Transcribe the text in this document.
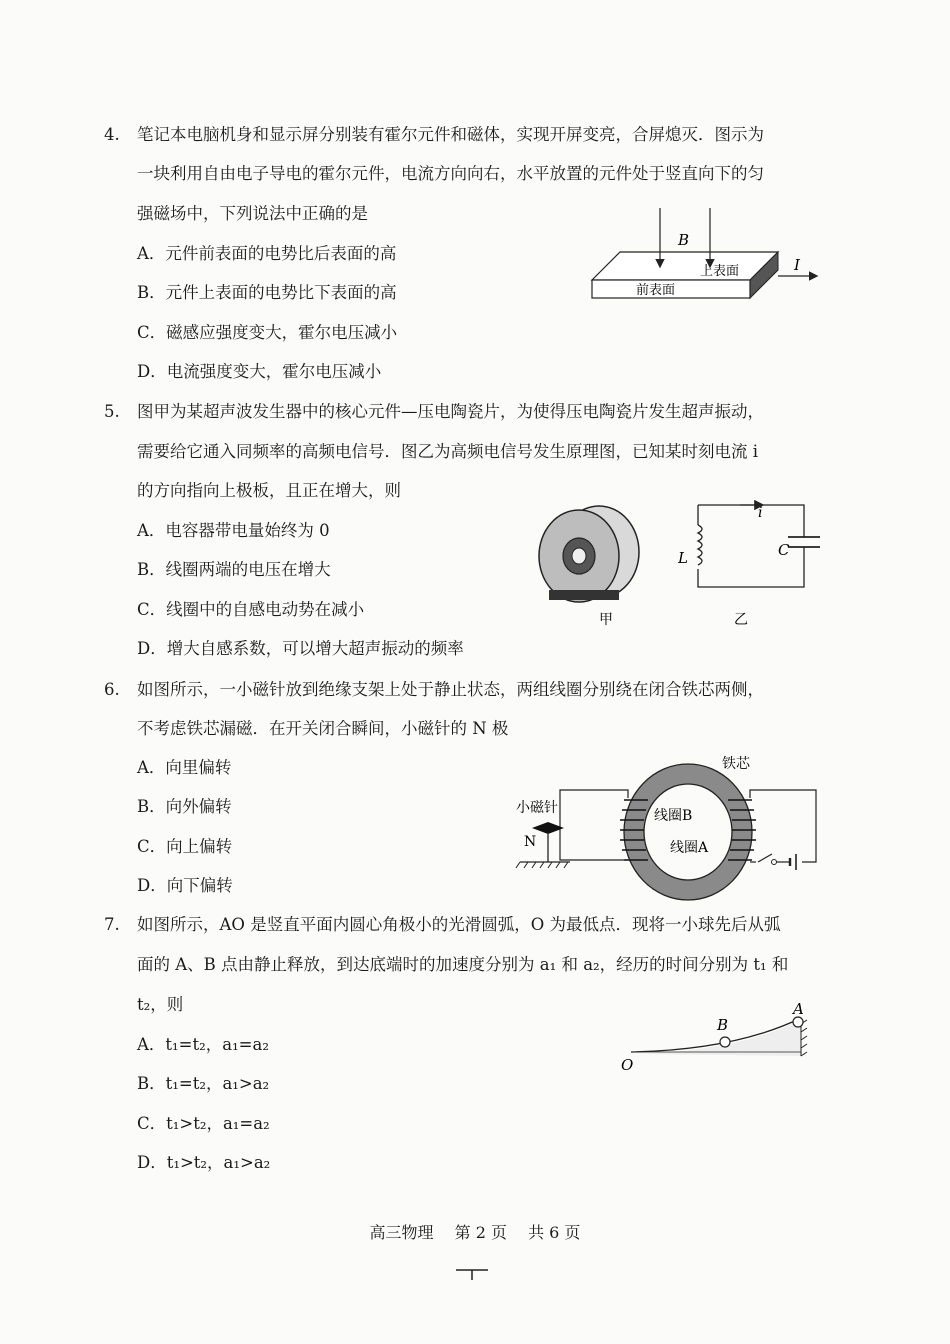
4. 笔记本电脑机身和显示屏分别装有霍尔元件和磁体，实现开屏变亮，合屏熄灭．图示为
一块利用自由电子导电的霍尔元件，电流方向向右，水平放置的元件处于竖直向下的匀
强磁场中，下列说法中正确的是
A．元件前表面的电势比后表面的高
B．元件上表面的电势比下表面的高
C．磁感应强度变大，霍尔电压减小
D．电流强度变大，霍尔电压减小
B
I
上表面
前表面
5. 图甲为某超声波发生器中的核心元件—压电陶瓷片，为使得压电陶瓷片发生超声振动，
需要给它通入同频率的高频电信号．图乙为高频电信号发生原理图，已知某时刻电流 i
的方向指向上极板，且正在增大，则
A．电容器带电量始终为 0
B．线圈两端的电压在增大
C．线圈中的自感电动势在减小
D．增大自感系数，可以增大超声振动的频率
甲
i
L	C
乙
6. 如图所示，一小磁针放到绝缘支架上处于静止状态，两组线圈分别绕在闭合铁芯两侧，
不考虑铁芯漏磁．在开关闭合瞬间，小磁针的 N 极
A．向里偏转
B．向外偏转
C．向上偏转
D．向下偏转
铁芯
小磁针
N
线圈B
线圈A
7. 如图所示，AO 是竖直平面内圆心角极小的光滑圆弧，O 为最低点．现将一小球先后从弧
面的 A、B 点由静止释放，到达底端时的加速度分别为 a₁ 和 a₂，经历的时间分别为 t₁ 和
t₂，则
A．t₁=t₂，a₁=a₂
B．t₁=t₂，a₁>a₂
C．t₁>t₂，a₁=a₂
D．t₁>t₂，a₁>a₂
B
A
O
高三物理　 第 2 页　 共 6 页
